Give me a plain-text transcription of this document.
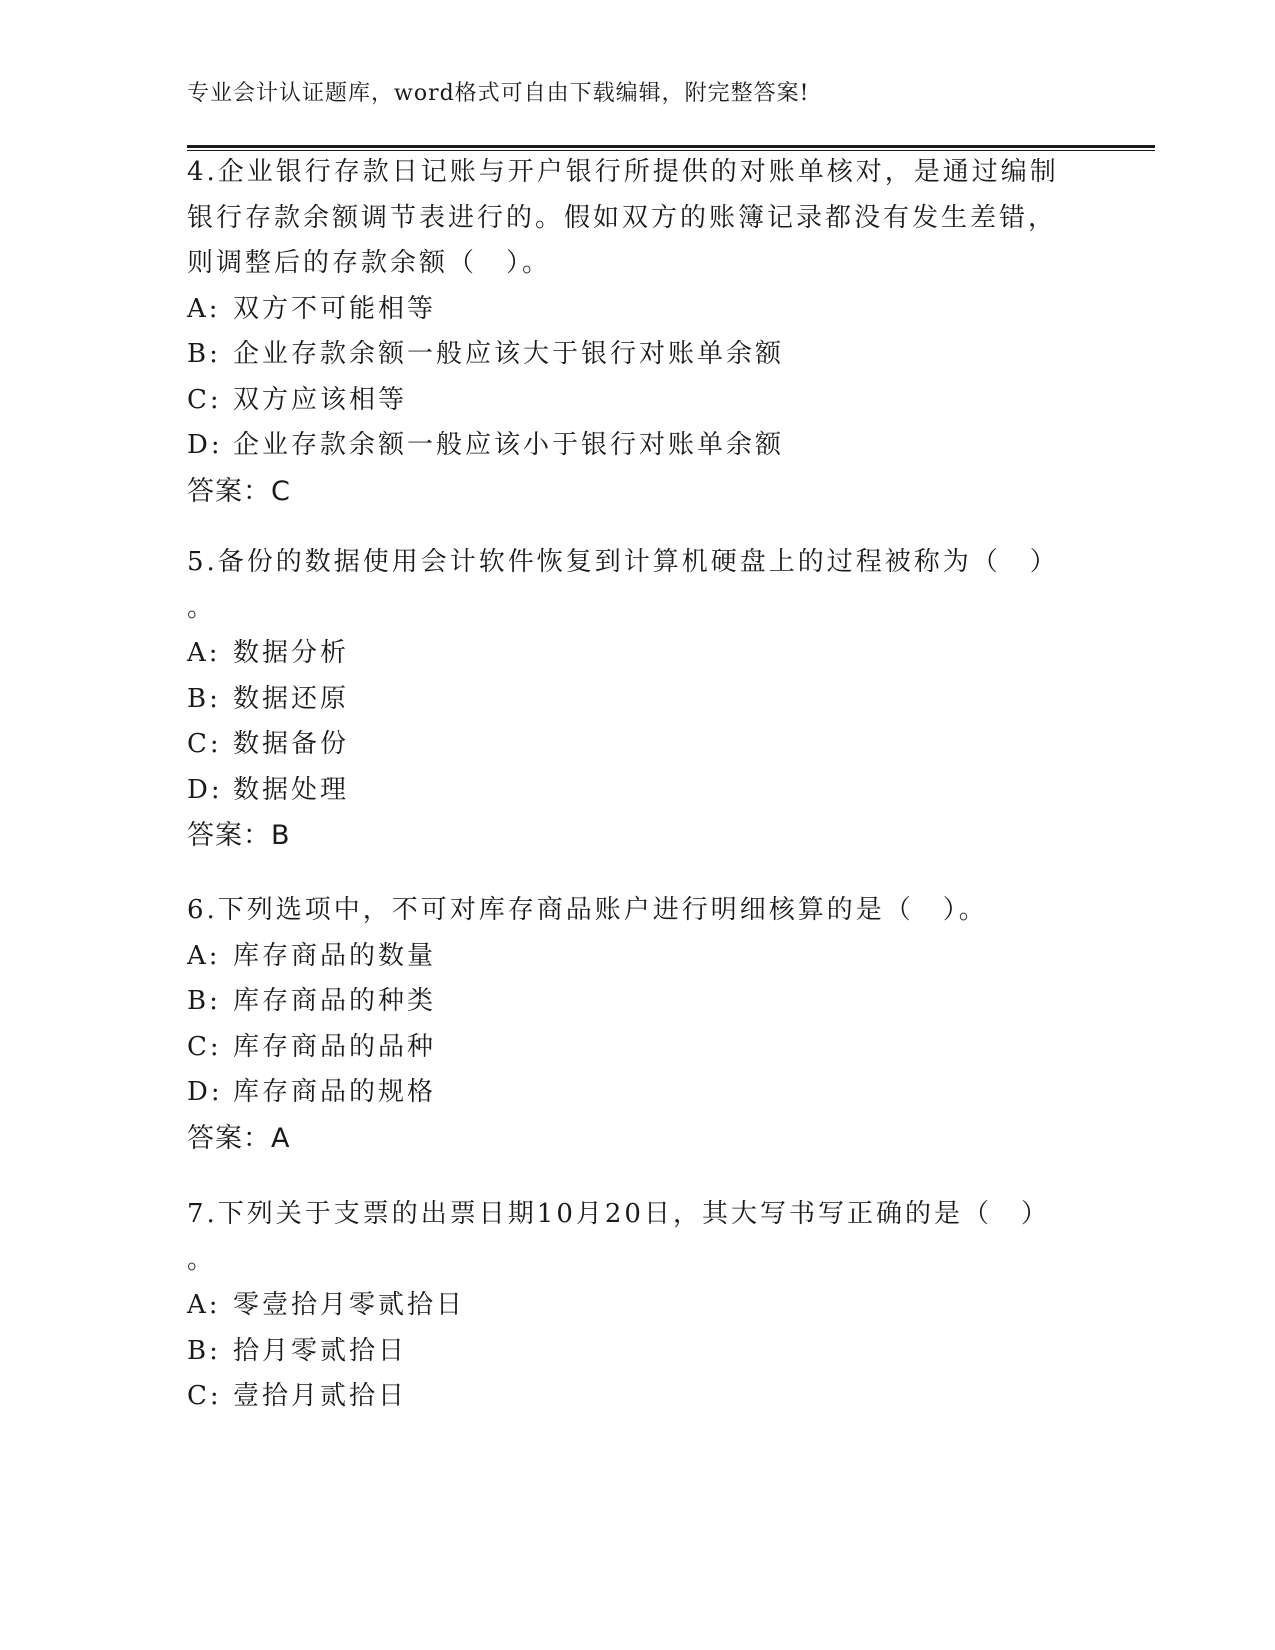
专业会计认证题库，word格式可自由下载编辑，附完整答案!
4.企业银行存款日记账与开户银行所提供的对账单核对，是通过编制
银行存款余额调节表进行的。假如双方的账簿记录都没有发生差错，
则调整后的存款余额（　）。
A: 双方不可能相等
B: 企业存款余额一般应该大于银行对账单余额
C: 双方应该相等
D: 企业存款余额一般应该小于银行对账单余额
答案：C
5.备份的数据使用会计软件恢复到计算机硬盘上的过程被称为（　）
。
A: 数据分析
B: 数据还原
C: 数据备份
D: 数据处理
答案：B
6.下列选项中，不可对库存商品账户进行明细核算的是（　）。
A: 库存商品的数量
B: 库存商品的种类
C: 库存商品的品种
D: 库存商品的规格
答案：A
7.下列关于支票的出票日期10月20日，其大写书写正确的是（　）
。
A: 零壹拾月零贰拾日
B: 拾月零贰拾日
C: 壹拾月贰拾日
